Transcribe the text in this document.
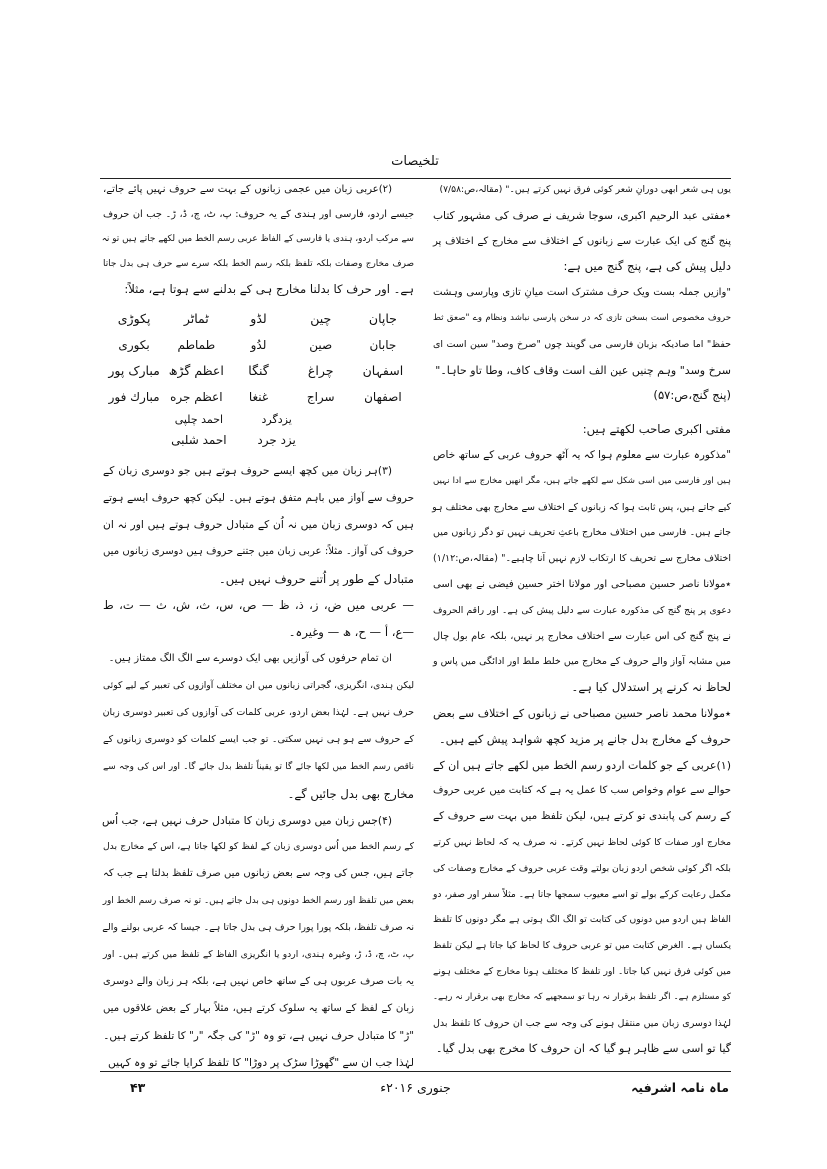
تلخیصات
یوں ہی شعر ابھی دورانِ شعر کوئی فرق نہیں کرتے ہیں۔" (مقالہ،ص:۷/۵۸)
٭مفتی عبد الرحیم اکبری، سوجا شریف نے صرف کی مشہور کتاب
پنج گنج کی ایک عبارت سے زبانوں کے اختلاف سے مخارج کے اختلاف پر
دلیل پیش کی ہے، پنج گنج میں ہے:
"وازیں جملہ بست ویک حرف مشترک است میانِ تازی وپارسی وہشت
حروف مخصوص است بسخن تازی کہ در سخن پارسی نباشد ونظام وے "صعق ثط
حفظ" اما صادیکہ بزبان فارسی می گویند چوں "صرخ وصد" سین است ای
سرخ وسد" وہم چنیں عین الف است وقاف کاف، وطا تاو حاہا۔"
(پنج گنج،ص:۵۷)
مفتی اکبری صاحب لکھتے ہیں:
"مذکورہ عبارت سے معلوم ہوا کہ یہ آٹھ حروف عربی کے ساتھ خاص
ہیں اور فارسی میں اسی شکل سے لکھے جاتے ہیں، مگر انھیں مخارج سے ادا نہیں
کیے جاتے ہیں، پس ثابت ہوا کہ زبانوں کے اختلاف سے مخارج بھی مختلف ہو
جاتے ہیں۔ فارسی میں اختلاف مخارج باعثِ تحریف نہیں تو دگر زبانوں میں
اختلاف مخارج سے تحریف کا ارتکاب لازم نہیں آنا چاہیے۔" (مقالہ،ص:۱/۱۲)
٭مولانا ناصر حسین مصباحی اور مولانا اختر حسین فیضی نے بھی اسی
دعوی پر پنج گنج کی مذکورہ عبارت سے دلیل پیش کی ہے۔ اور راقم الحروف
نے پنج گنج کی اس عبارت سے اختلاف مخارج پر نہیں، بلکہ عام بول چال
میں مشابہ آواز والے حروف کے مخارج میں خلط ملط اور ادائگی میں پاس و
لحاظ نہ کرنے پر استدلال کیا ہے۔
٭مولانا محمد ناصر حسین مصباحی نے زبانوں کے اختلاف سے بعض
حروف کے مخارج بدل جانے پر مزید کچھ شواہد پیش کیے ہیں۔
(۱)عربی کے جو کلمات اردو رسم الخط میں لکھے جاتے ہیں ان کے
حوالے سے عوام وخواص سب کا عمل یہ ہے کہ کتابت میں عربی حروف
کے رسم کی پابندی تو کرتے ہیں، لیکن تلفظ میں بہت سے حروف کے
مخارج اور صفات کا کوئی لحاظ نہیں کرتے۔ نہ صرف یہ کہ لحاظ نہیں کرتے
بلکہ اگر کوئی شخص اردو زبان بولتے وقت عربی حروف کے مخارج وصفات کی
مکمل رعایت کرکے بولے تو اسے معیوب سمجھا جاتا ہے۔ مثلاً سفر اور صفر، دو
الفاظ ہیں اردو میں دونوں کی کتابت تو الگ الگ ہوتی ہے مگر دونوں کا تلفظ
یکساں ہے۔ الغرض کتابت میں تو عربی حروف کا لحاظ کیا جاتا ہے لیکن تلفظ
میں کوئی فرق نہیں کیا جاتا۔ اور تلفظ کا مختلف ہونا مخارج کے مختلف ہونے
کو مستلزم ہے۔ اگر تلفظ برقرار نہ رہا تو سمجھیے کہ مخارج بھی برقرار نہ رہے۔
لہٰذا دوسری زبان میں منتقل ہونے کی وجہ سے جب ان حروف کا تلفظ بدل
گیا تو اسی سے ظاہر ہو گیا کہ ان حروف کا مخرج بھی بدل گیا۔
(۲)عربی زبان میں عجمی زبانوں کے بہت سے حروف نہیں پائے جاتے،
جیسے اردو، فارسی اور ہندی کے یہ حروف: پ، ٹ، چ، ڈ، ڑ۔ جب ان حروف
سے مرکب اردو، ہندی یا فارسی کے الفاظ عربی رسم الخط میں لکھے جاتے ہیں تو نہ
صرف مخارج وصفات بلکہ تلفظ بلکہ رسم الخط بلکہ سرے سے حرف ہی بدل جاتا
ہے۔ اور حرف کا بدلنا مخارج ہی کے بدلنے سے ہوتا ہے، مثلاً:
جاپان
چین
لڈو
ٹماٹر
پکوڑی
جابان
صین
لدُو
طماطم
بکوری
اسفہان
چراغ
گنگا
اعظم گڑھ
مبارک پور
اصفهان
سراج
غنغا
اعظم جره
مبارك فور
یزدگرد
احمد چلپی
یزد جرد
احمد شلبی
(۳)ہر زبان میں کچھ ایسے حروف ہوتے ہیں جو دوسری زبان کے
حروف سے آواز میں باہم متفق ہوتے ہیں۔ لیکن کچھ حروف ایسے ہوتے
ہیں کہ دوسری زبان میں نہ اُن کے متبادل حروف ہوتے ہیں اور نہ ان
حروف کی آواز۔ مثلاً: عربی زبان میں جتنے حروف ہیں دوسری زبانوں میں
متبادل کے طور پر اُتنے حروف نہیں ہیں۔
— عربی میں ض، ز، ذ، ظ — ص، س، ث، ش، ث — ت، ط
—ع، أ — ح، ھ — وغیرہ۔
ان تمام حرفوں کی آوازیں بھی ایک دوسرے سے الگ الگ ممتاز ہیں۔
لیکن ہندی، انگریزی، گجراتی زبانوں میں ان مختلف آوازوں کی تعبیر کے لیے کوئی
حرف نہیں ہے۔ لہٰذا بعض اردو، عربی کلمات کی آوازوں کی تعبیر دوسری زبان
کے حروف سے ہو ہی نہیں سکتی۔ تو جب ایسے کلمات کو دوسری زبانوں کے
ناقص رسم الخط میں لکھا جائے گا تو یقیناً تلفظ بدل جائے گا۔ اور اس کی وجہ سے
مخارج بھی بدل جائیں گے۔
(۴)جس زبان میں دوسری زبان کا متبادل حرف نہیں ہے، جب اُس
کے رسم الخط میں اُس دوسری زبان کے لفظ کو لکھا جاتا ہے، اس کے مخارج بدل
جاتے ہیں، جس کی وجہ سے بعض زبانوں میں صرف تلفظ بدلتا ہے جب کہ
بعض میں تلفظ اور رسم الخط دونوں ہی بدل جاتے ہیں۔ تو نہ صرف رسم الخط اور
نہ صرف تلفظ، بلکہ پورا پورا حرف ہی بدل جاتا ہے۔ جیسا کہ عربی بولنے والے
پ، ٹ، چ، ڈ، ڑ، وغیرہ ہندی، اردو یا انگریزی الفاظ کے تلفظ میں کرتے ہیں۔ اور
یہ بات صرف عربوں ہی کے ساتھ خاص نہیں ہے، بلکہ ہر زبان والے دوسری
زبان کے لفظ کے ساتھ یہ سلوک کرتے ہیں، مثلاً بہار کے بعض علاقوں میں
"ڑ" کا متبادل حرف نہیں ہے، تو وہ "ڑ" کی جگہ "ر" کا تلفظ کرتے ہیں۔
لہٰذا جب ان سے "گھوڑا سڑک پر دوڑا" کا تلفظ کرایا جائے تو وہ کہیں
ماہ نامہ اشرفیہ
جنوری ۲۰۱۶ء
۴۳
